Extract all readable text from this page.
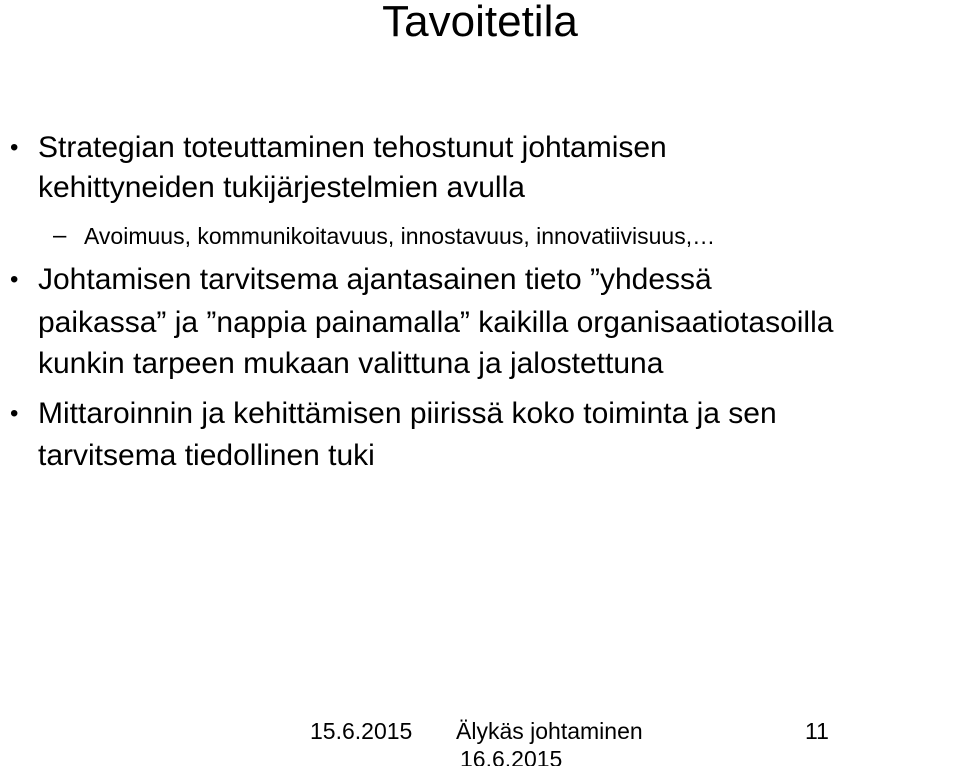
Tavoitetila
• Strategian toteuttaminen tehostunut johtamisen
kehittyneiden tukijärjestelmien avulla
– Avoimuus, kommunikoitavuus, innostavuus, innovatiivisuus,…
• Johtamisen tarvitsema ajantasainen tieto ”yhdessä
paikassa” ja ”nappia painamalla” kaikilla organisaatiotasoilla
kunkin tarpeen mukaan valittuna ja jalostettuna
• Mittaroinnin ja kehittämisen piirissä koko toiminta ja sen
tarvitsema tiedollinen tuki
15.6.2015 Älykäs johtaminen
16.6.2015
11
